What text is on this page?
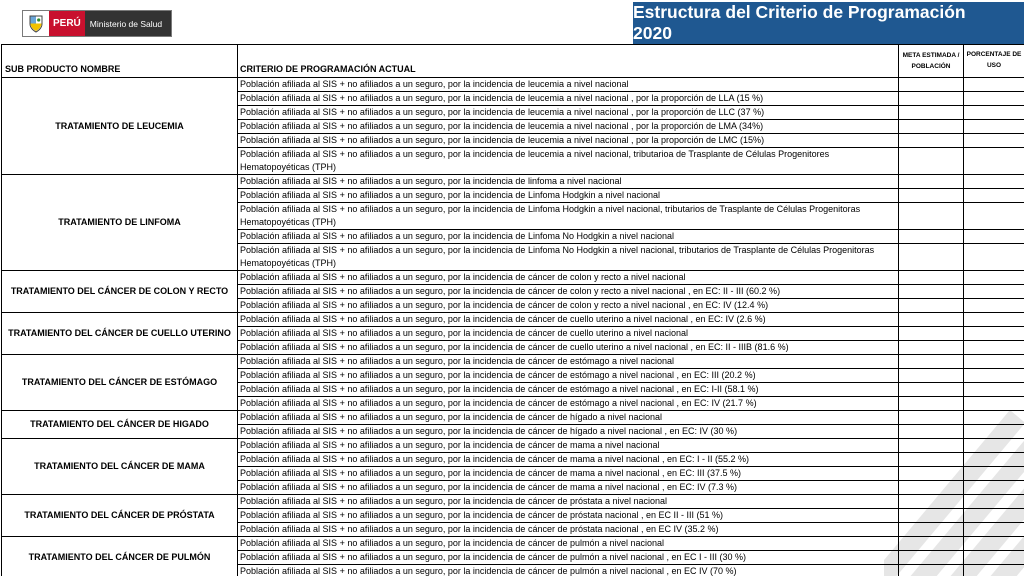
PERÚ	Ministerio de Salud
Estructura del Criterio de Programación 2020
SUB PRODUCTO NOMBRE	CRITERIO DE PROGRAMACIÓN ACTUAL	META ESTIMADA / POBLACIÓN	PORCENTAJE DE USO
TRATAMIENTO DE LEUCEMIA	Población afiliada al SIS + no afiliados a un seguro, por la incidencia de leucemia a nivel nacional		
	Población afiliada al SIS + no afiliados a un seguro, por la incidencia de leucemia a nivel nacional , por la proporción de LLA (15 %)		
	Población afiliada al SIS + no afiliados a un seguro, por la incidencia de leucemia a nivel nacional , por la proporción de LLC (37 %)		
	Población afiliada al SIS + no afiliados a un seguro, por la incidencia de leucemia a nivel nacional , por la proporción de LMA (34%)		
	Población afiliada al SIS + no afiliados a un seguro, por la incidencia de leucemia a nivel nacional , por la proporción de LMC (15%)		
	Población afiliada al SIS + no afiliados a un seguro, por la incidencia de leucemia a nivel nacional, tributarioa de Trasplante de Células Progenitores Hematopoyéticas (TPH)		
TRATAMIENTO DE LINFOMA	Población afiliada al SIS + no afiliados a un seguro, por la incidencia de linfoma a nivel nacional		
	Población afiliada al SIS + no afiliados a un seguro, por la incidencia de Linfoma Hodgkin a nivel nacional		
	Población afiliada al SIS + no afiliados a un seguro, por la incidencia de Linfoma Hodgkin a nivel nacional, tributarios de Trasplante de Células Progenitoras Hematopoyéticas (TPH)		
	Población afiliada al SIS + no afiliados a un seguro, por la incidencia de Linfoma No Hodgkin a nivel nacional		
	Población afiliada al SIS + no afiliados a un seguro, por la incidencia de Linfoma No Hodgkin a nivel nacional, tributarios de Trasplante de Células Progenitoras Hematopoyéticas (TPH)		
TRATAMIENTO DEL CÁNCER DE COLON Y RECTO	Población afiliada al SIS + no afiliados a un seguro, por la incidencia de cáncer de colon y recto a nivel nacional		
	Población afiliada al SIS + no afiliados a un seguro, por la incidencia de cáncer de colon y recto a nivel nacional , en EC: II - III (60.2 %)		
	Población afiliada al SIS + no afiliados a un seguro, por la incidencia de cáncer de colon y recto a nivel nacional , en EC: IV (12.4 %)		
TRATAMIENTO DEL CÁNCER DE CUELLO UTERINO	Población afiliada al SIS + no afiliados a un seguro, por la incidencia de cáncer de cuello uterino a nivel nacional , en EC: IV (2.6 %)		
	Población afiliada al SIS + no afiliados a un seguro, por la incidencia de cáncer de cuello uterino a nivel nacional		
	Población afiliada al SIS + no afiliados a un seguro, por la incidencia de cáncer de cuello uterino a nivel nacional , en EC: II - IIIB (81.6 %)		
TRATAMIENTO DEL CÁNCER DE ESTÓMAGO	Población afiliada al SIS + no afiliados a un seguro, por la incidencia de cáncer de estómago a nivel nacional		
	Población afiliada al SIS + no afiliados a un seguro, por la incidencia de cáncer de estómago a nivel nacional , en EC: III (20.2 %)		
	Población afiliada al SIS + no afiliados a un seguro, por la incidencia de cáncer de estómago a nivel nacional , en EC: I-II (58.1 %)		
	Población afiliada al SIS + no afiliados a un seguro, por la incidencia de cáncer de estómago a nivel nacional , en EC: IV (21.7 %)		
TRATAMIENTO DEL CÁNCER DE HIGADO	Población afiliada al SIS + no afiliados a un seguro, por la incidencia de cáncer de hígado a nivel nacional		
	Población afiliada al SIS + no afiliados a un seguro, por la incidencia de cáncer de hígado a nivel nacional , en EC: IV (30 %)		
TRATAMIENTO DEL CÁNCER DE MAMA	Población afiliada al SIS + no afiliados a un seguro, por la incidencia de cáncer de mama a nivel nacional		
	Población afiliada al SIS + no afiliados a un seguro, por la incidencia de cáncer de mama a nivel nacional , en EC: I - II (55.2 %)		
	Población afiliada al SIS + no afiliados a un seguro, por la incidencia de cáncer de mama a nivel nacional , en EC: III (37.5 %)		
	Población afiliada al SIS + no afiliados a un seguro, por la incidencia de cáncer de mama a nivel nacional , en EC: IV (7.3 %)		
TRATAMIENTO DEL CÁNCER DE PRÓSTATA	Población afiliada al SIS + no afiliados a un seguro, por la incidencia de cáncer de próstata a nivel nacional		
	Población afiliada al SIS + no afiliados a un seguro, por la incidencia de cáncer de próstata nacional , en EC II - III (51 %)		
	Población afiliada al SIS + no afiliados a un seguro, por la incidencia de cáncer de próstata nacional , en EC IV (35.2 %)		
TRATAMIENTO DEL CÁNCER DE PULMÓN	Población afiliada al SIS + no afiliados a un seguro, por la incidencia de cáncer de pulmón a nivel nacional		
	Población afiliada al SIS + no afiliados a un seguro, por la incidencia de cáncer de pulmón a nivel nacional , en EC I - III (30 %)		
	Población afiliada al SIS + no afiliados a un seguro, por la incidencia de cáncer de pulmón a nivel nacional , en EC IV (70 %)		
